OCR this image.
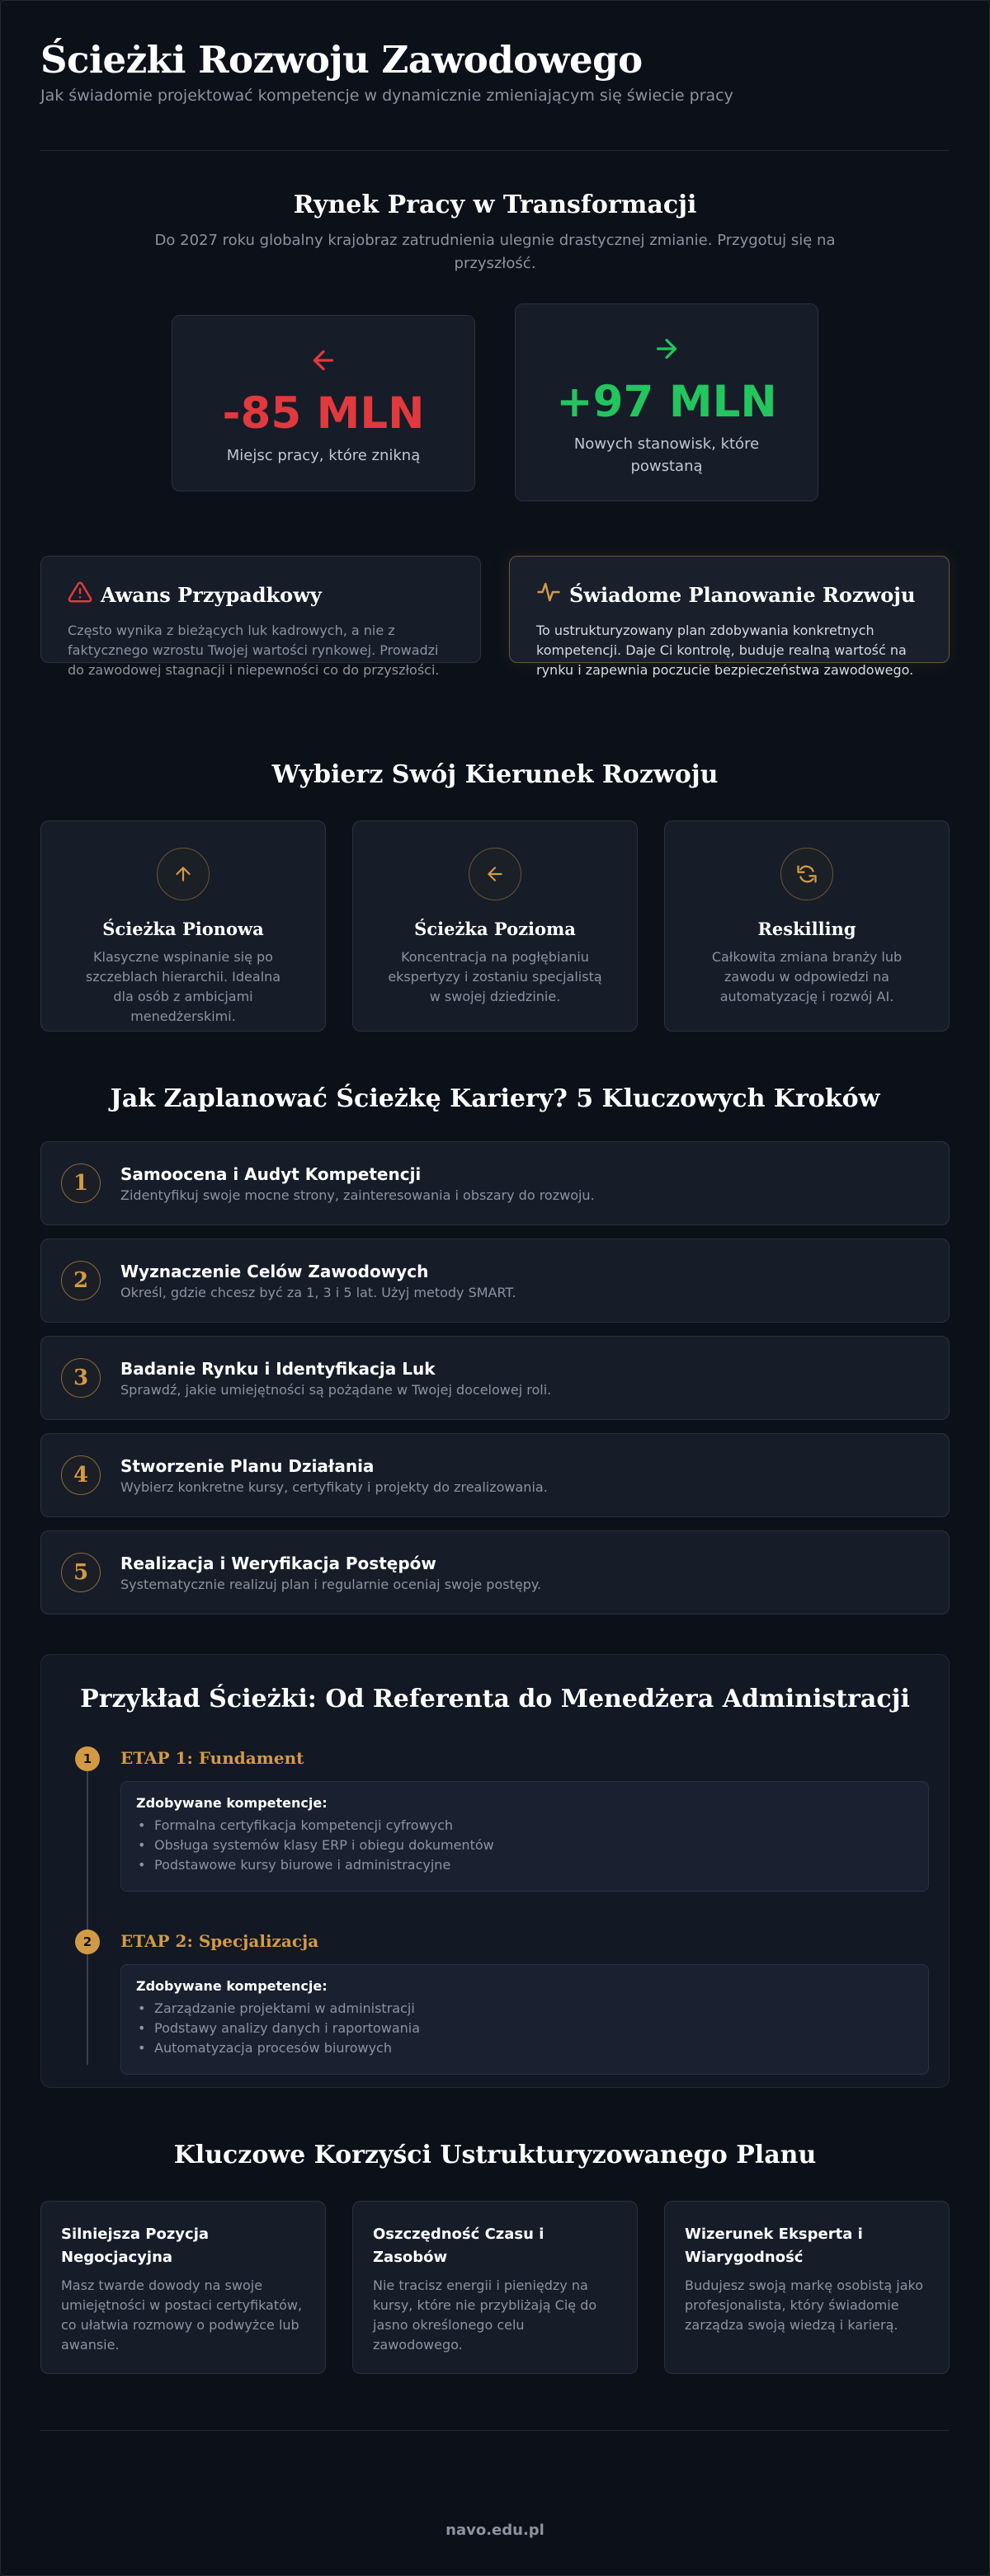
Ścieżki Rozwoju Zawodowego

Jak świadomie projektować kompetencje w dynamicznie zmieniającym się świecie pracy

Rynek Pracy w Transformacji

Do 2027 roku globalny krajobraz zatrudnienia ulegnie drastycznej zmianie. Przygotuj się na przyszłość.

-85 MLN
Miejsc pracy, które znikną
+97 MLN
Nowych stanowisk, które powstaną
Awans Przypadkowy

Często wynika z bieżących luk kadrowych, a nie z faktycznego wzrostu Twojej wartości rynkowej. Prowadzi do zawodowej stagnacji i niepewności co do przyszłości.

Świadome Planowanie Rozwoju

To ustrukturyzowany plan zdobywania konkretnych kompetencji. Daje Ci kontrolę, buduje realną wartość na rynku i zapewnia poczucie bezpieczeństwa zawodowego.

Wybierz Swój Kierunek Rozwoju
Ścieżka Pionowa

Klasyczne wspinanie się po szczeblach hierarchii. Idealna dla osób z ambicjami menedżerskimi.

Ścieżka Pozioma

Koncentracja na pogłębianiu ekspertyzy i zostaniu specjalistą w swojej dziedzinie.

Reskilling

Całkowita zmiana branży lub zawodu w odpowiedzi na automatyzację i rozwój AI.

Jak Zaplanować Ścieżkę Kariery? 5 Kluczowych Kroków
1	Samoocena i Audyt Kompetencji

Zidentyfikuj swoje mocne strony, zainteresowania i obszary do rozwoju.

2	Wyznaczenie Celów Zawodowych

Określ, gdzie chcesz być za 1, 3 i 5 lat. Użyj metody SMART.

3	Badanie Rynku i Identyfikacja Luk

Sprawdź, jakie umiejętności są pożądane w Twojej docelowej roli.

4	Stworzenie Planu Działania

Wybierz konkretne kursy, certyfikaty i projekty do zrealizowania.

5	Realizacja i Weryfikacja Postępów

Systematycznie realizuj plan i regularnie oceniaj swoje postępy.

Przykład Ścieżki: Od Referenta do Menedżera Administracji
1	ETAP 1: Fundament
Zdobywane kompetencje:
• Formalna certyfikacja kompetencji cyfrowych
• Obsługa systemów klasy ERP i obiegu dokumentów
• Podstawowe kursy biurowe i administracyjne
2	ETAP 2: Specjalizacja
Zdobywane kompetencje:
• Zarządzanie projektami w administracji
• Podstawy analizy danych i raportowania
• Automatyzacja procesów biurowych
Kluczowe Korzyści Ustrukturyzowanego Planu
Silniejsza Pozycja Negocjacyjna

Masz twarde dowody na swoje umiejętności w postaci certyfikatów, co ułatwia rozmowy o podwyżce lub awansie.

Oszczędność Czasu i Zasobów

Nie tracisz energii i pieniędzy na kursy, które nie przybliżają Cię do jasno określonego celu zawodowego.

Wizerunek Eksperta i Wiarygodność

Budujesz swoją markę osobistą jako profesjonalista, który świadomie zarządza swoją wiedzą i karierą.

navo.edu.pl
